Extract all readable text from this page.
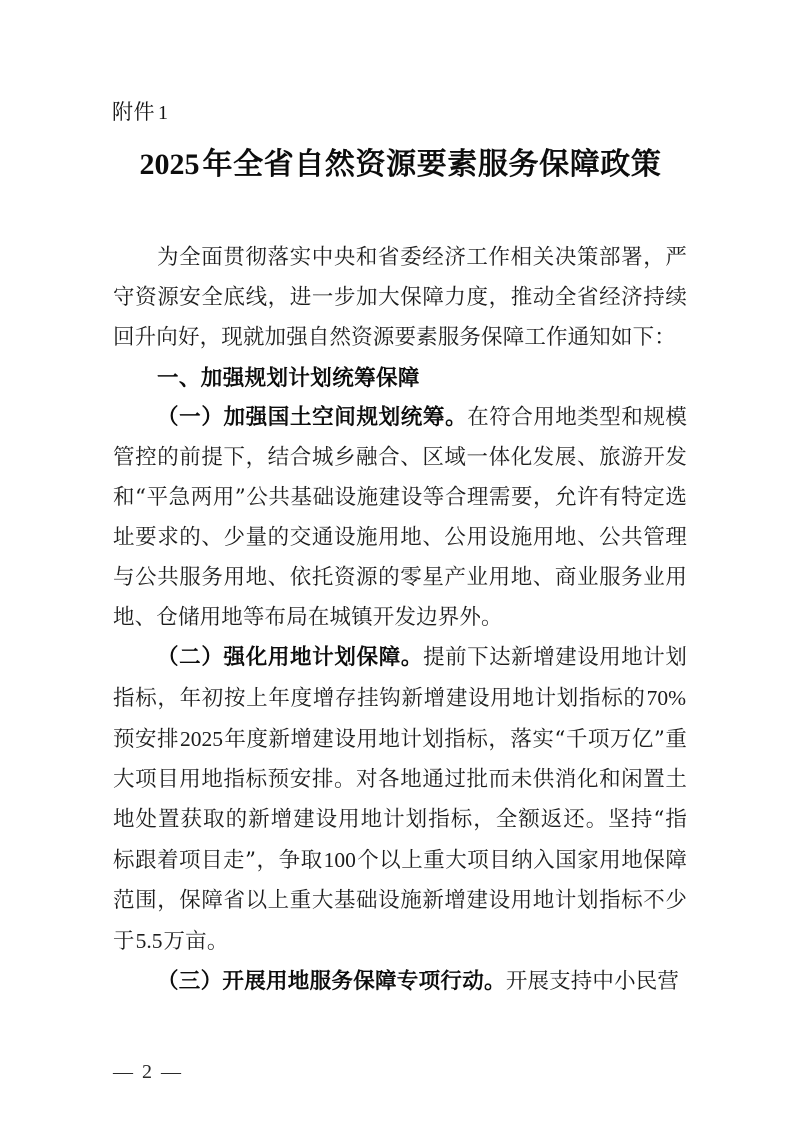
附件 1
2025 年全省自然资源要素服务保障政策

为全面贯彻落实中央和省委经济工作相关决策部署，严守资源安全底线，进一步加大保障力度，推动全省经济持续回升向好，现就加强自然资源要素服务保障工作通知如下：

一、加强规划计划统筹保障

（一）加强国土空间规划统筹。在符合用地类型和规模管控的前提下，结合城乡融合、区域一体化发展、旅游开发和“平急两用”公共基础设施建设等合理需要，允许有特定选址要求的、少量的交通设施用地、公用设施用地、公共管理与公共服务用地、依托资源的零星产业用地、商业服务业用地、仓储用地等布局在城镇开发边界外。

（二）强化用地计划保障。提前下达新增建设用地计划指标，年初按上年度增存挂钩新增建设用地计划指标的70%预安排2025年度新增建设用地计划指标，落实“千项万亿”重大项目用地指标预安排。对各地通过批而未供消化和闲置土地处置获取的新增建设用地计划指标，全额返还。坚持“指标跟着项目走”，争取100个以上重大项目纳入国家用地保障范围，保障省以上重大基础设施新增建设用地计划指标不少于5.5万亩。

（三）开展用地服务保障专项行动。开展支持中小民营

— 2 —
